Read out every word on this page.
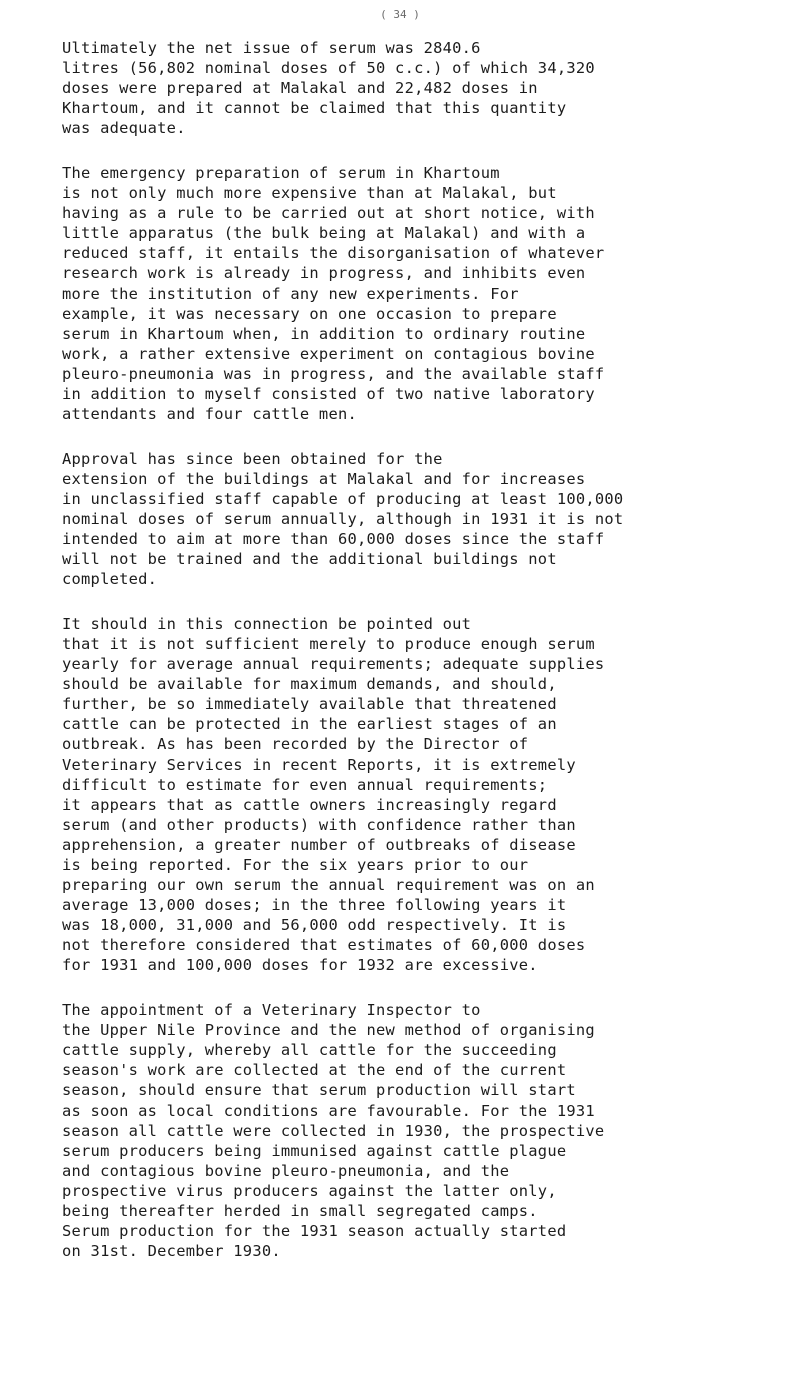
( 34 )

Ultimately the net issue of serum was 2840.6
litres (56,802 nominal doses of 50 c.c.) of which 34,320
doses were prepared at Malakal and 22,482 doses in
Khartoum, and it cannot be claimed that this quantity
was adequate.

The emergency preparation of serum in Khartoum
is not only much more expensive than at Malakal, but
having as a rule to be carried out at short notice, with
little apparatus (the bulk being at Malakal) and with a
reduced staff, it entails the disorganisation of whatever
research work is already in progress, and inhibits even
more the institution of any new experiments. For
example, it was necessary on one occasion to prepare
serum in Khartoum when, in addition to ordinary routine
work, a rather extensive experiment on contagious bovine
pleuro-pneumonia was in progress, and the available staff
in addition to myself consisted of two native laboratory
attendants and four cattle men.

Approval has since been obtained for the
extension of the buildings at Malakal and for increases
in unclassified staff capable of producing at least 100,000
nominal doses of serum annually, although in 1931 it is not
intended to aim at more than 60,000 doses since the staff
will not be trained and the additional buildings not
completed.

It should in this connection be pointed out
that it is not sufficient merely to produce enough serum
yearly for average annual requirements; adequate supplies
should be available for maximum demands, and should,
further, be so immediately available that threatened
cattle can be protected in the earliest stages of an
outbreak. As has been recorded by the Director of
Veterinary Services in recent Reports, it is extremely
difficult to estimate for even annual requirements;
it appears that as cattle owners increasingly regard
serum (and other products) with confidence rather than
apprehension, a greater number of outbreaks of disease
is being reported. For the six years prior to our
preparing our own serum the annual requirement was on an
average 13,000 doses; in the three following years it
was 18,000, 31,000 and 56,000 odd respectively. It is
not therefore considered that estimates of 60,000 doses
for 1931 and 100,000 doses for 1932 are excessive.

The appointment of a Veterinary Inspector to
the Upper Nile Province and the new method of organising
cattle supply, whereby all cattle for the succeeding
season's work are collected at the end of the current
season, should ensure that serum production will start
as soon as local conditions are favourable. For the 1931
season all cattle were collected in 1930, the prospective
serum producers being immunised against cattle plague
and contagious bovine pleuro-pneumonia, and the
prospective virus producers against the latter only,
being thereafter herded in small segregated camps.
Serum production for the 1931 season actually started
on 31st. December 1930.
